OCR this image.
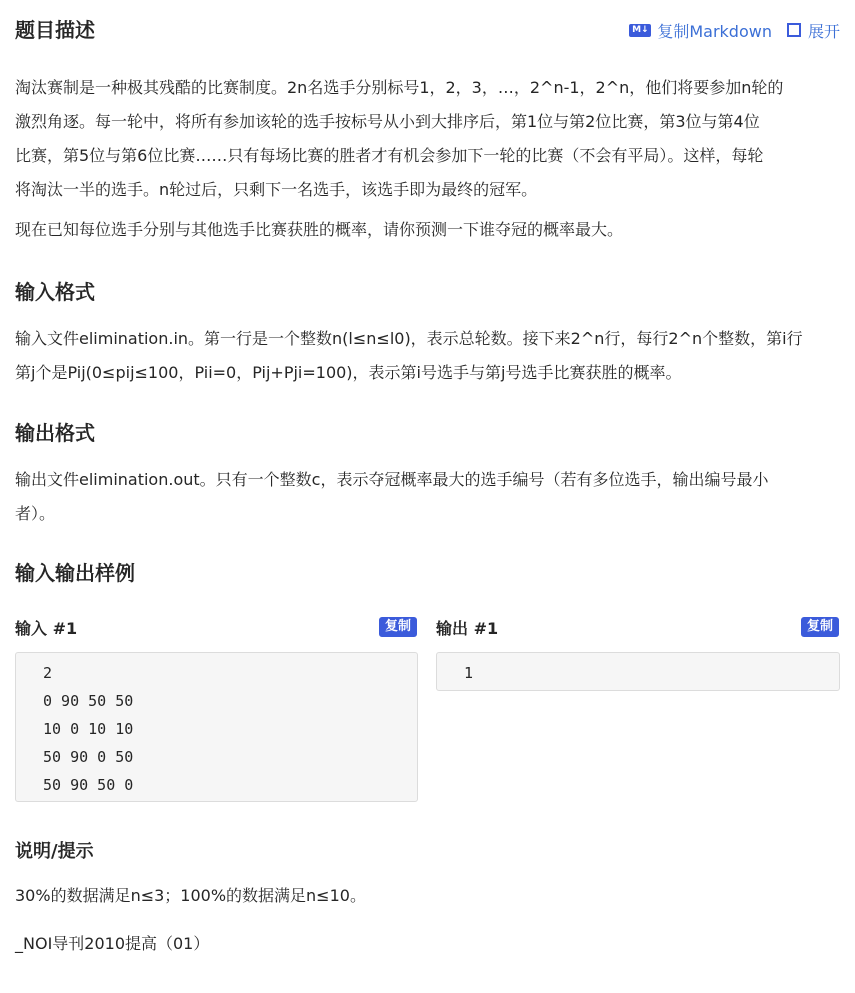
题目描述	M↓ 复制Markdown 展开
淘汰赛制是一种极其残酷的比赛制度。2n名选手分别标号1，2，3，…，2^n-1，2^n，他们将要参加n轮的
激烈角逐。每一轮中，将所有参加该轮的选手按标号从小到大排序后，第1位与第2位比赛，第3位与第4位
比赛，第5位与第6位比赛……只有每场比赛的胜者才有机会参加下一轮的比赛（不会有平局）。这样，每轮
将淘汰一半的选手。n轮过后，只剩下一名选手，该选手即为最终的冠军。

现在已知每位选手分别与其他选手比赛获胜的概率，请你预测一下谁夺冠的概率最大。

输入格式
输入文件elimination.in。第一行是一个整数n(l≤n≤l0)，表示总轮数。接下来2^n行，每行2^n个整数，第i行
第j个是Pij(0≤pij≤100，Pii=0，Pij+Pji=100)，表示第i号选手与第j号选手比赛获胜的概率。
输出格式
输出文件elimination.out。只有一个整数c，表示夺冠概率最大的选手编号（若有多位选手，输出编号最小
者）。
输入输出样例
输入 #1	复制	输出 #1	复制
2
0 90 50 50
10 0 10 10
50 90 0 50
50 90 50 0
1
说明/提示

30%的数据满足n≤3；100%的数据满足n≤10。

_NOI导刊2010提高（01）
